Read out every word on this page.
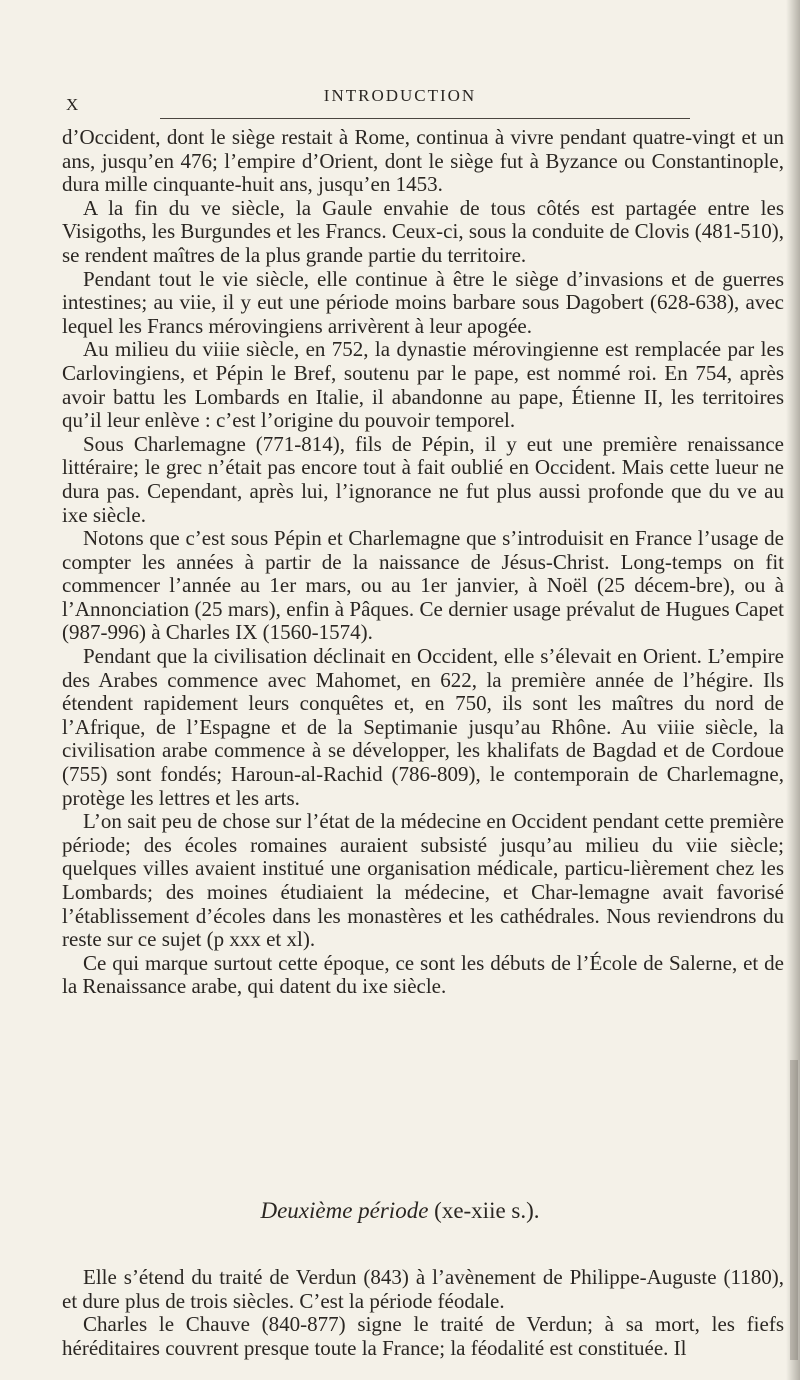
X	INTRODUCTION

d’Occident, dont le siège restait à Rome, continua à vivre pendant quatre-vingt et un ans, jusqu’en 476; l’empire d’Orient, dont le siège fut à Byzance ou Constantinople, dura mille cinquante-huit ans, jusqu’en 1453.

A la fin du ve siècle, la Gaule envahie de tous côtés est partagée entre les Visigoths, les Burgundes et les Francs. Ceux-ci, sous la conduite de Clovis (481-510), se rendent maîtres de la plus grande partie du territoire.

Pendant tout le vie siècle, elle continue à être le siège d’invasions et de guerres intestines; au viie, il y eut une période moins barbare sous Dagobert (628-638), avec lequel les Francs mérovingiens arrivèrent à leur apogée.

Au milieu du viiie siècle, en 752, la dynastie mérovingienne est remplacée par les Carlovingiens, et Pépin le Bref, soutenu par le pape, est nommé roi. En 754, après avoir battu les Lombards en Italie, il abandonne au pape, Étienne II, les territoires qu’il leur enlève : c’est l’origine du pouvoir temporel.

Sous Charlemagne (771-814), fils de Pépin, il y eut une première renaissance littéraire; le grec n’était pas encore tout à fait oublié en Occident. Mais cette lueur ne dura pas. Cependant, après lui, l’ignorance ne fut plus aussi profonde que du ve au ixe siècle.

Notons que c’est sous Pépin et Charlemagne que s’introduisit en France l’usage de compter les années à partir de la naissance de Jésus-Christ. Long-temps on fit commencer l’année au 1er mars, ou au 1er janvier, à Noël (25 décem-bre), ou à l’Annonciation (25 mars), enfin à Pâques. Ce dernier usage prévalut de Hugues Capet (987-996) à Charles IX (1560-1574).

Pendant que la civilisation déclinait en Occident, elle s’élevait en Orient. L’empire des Arabes commence avec Mahomet, en 622, la première année de l’hégire. Ils étendent rapidement leurs conquêtes et, en 750, ils sont les maîtres du nord de l’Afrique, de l’Espagne et de la Septimanie jusqu’au Rhône. Au viiie siècle, la civilisation arabe commence à se développer, les khalifats de Bagdad et de Cordoue (755) sont fondés; Haroun-al-Rachid (786-809), le contemporain de Charlemagne, protège les lettres et les arts.

L’on sait peu de chose sur l’état de la médecine en Occident pendant cette première période; des écoles romaines auraient subsisté jusqu’au milieu du viie siècle; quelques villes avaient institué une organisation médicale, particu-lièrement chez les Lombards; des moines étudiaient la médecine, et Char-lemagne avait favorisé l’établissement d’écoles dans les monastères et les cathédrales. Nous reviendrons du reste sur ce sujet (p xxx et xl).

Ce qui marque surtout cette époque, ce sont les débuts de l’École de Salerne, et de la Renaissance arabe, qui datent du ixe siècle.

Deuxième période (xe-xiie s.).

Elle s’étend du traité de Verdun (843) à l’avènement de Philippe-Auguste (1180), et dure plus de trois siècles. C’est la période féodale.

Charles le Chauve (840-877) signe le traité de Verdun; à sa mort, les fiefs héréditaires couvrent presque toute la France; la féodalité est constituée. Il
